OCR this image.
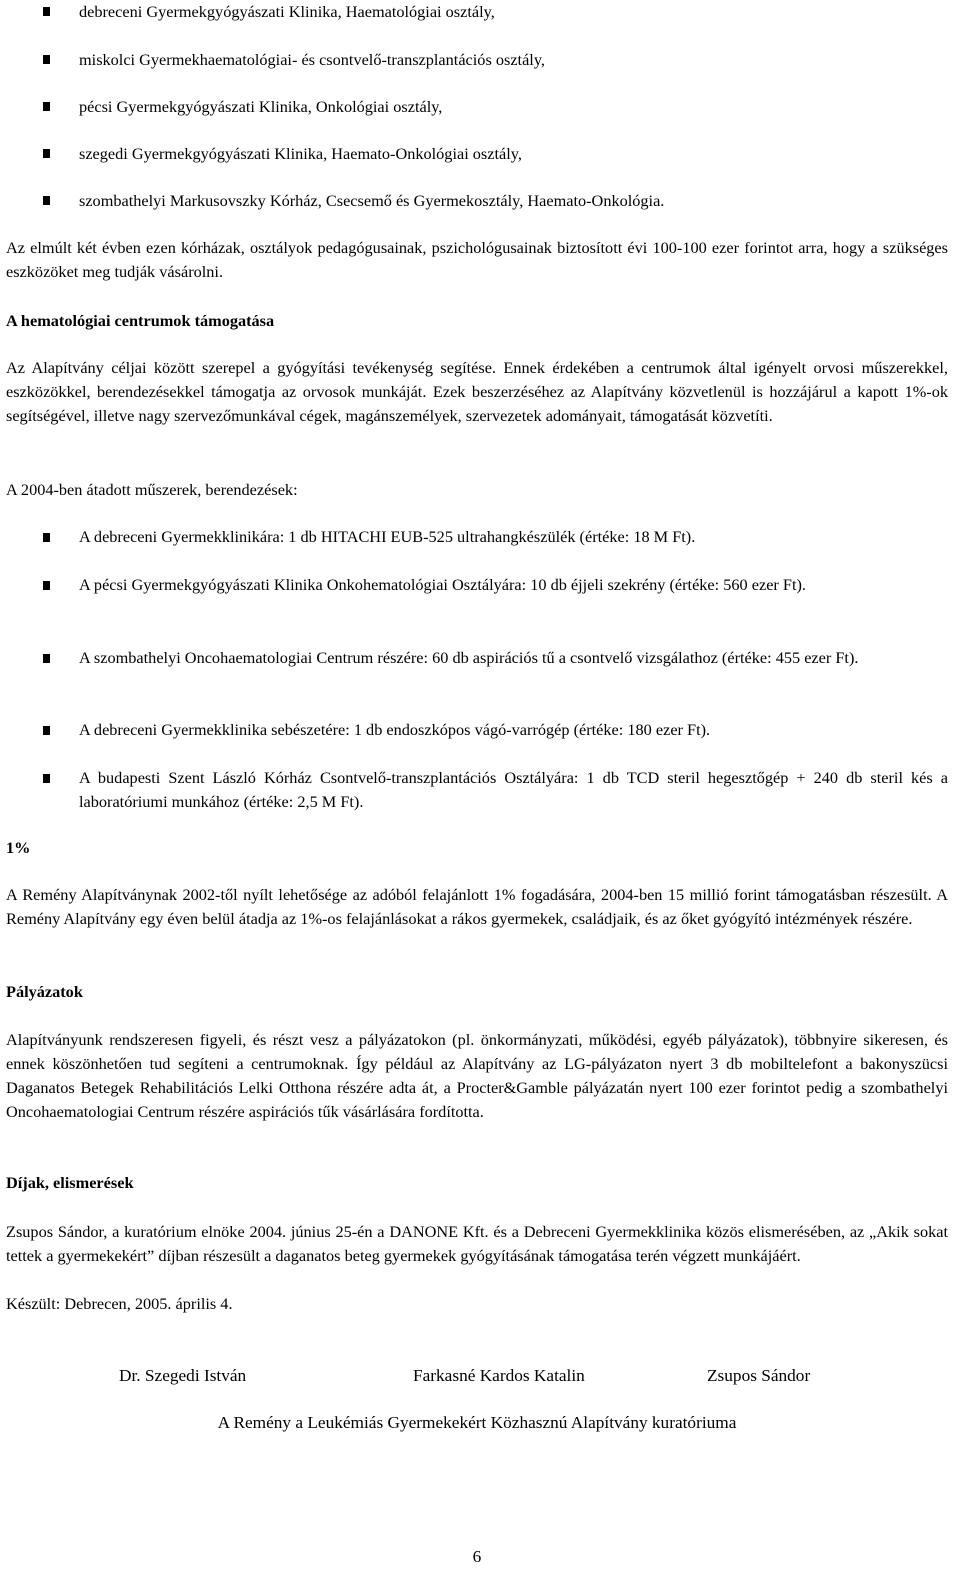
debreceni Gyermekgyógyászati Klinika, Haematológiai osztály,
miskolci Gyermekhaematológiai- és csontvelő-transzplantációs osztály,
pécsi Gyermekgyógyászati Klinika, Onkológiai osztály,
szegedi Gyermekgyógyászati Klinika, Haemato-Onkológiai osztály,
szombathelyi Markusovszky Kórház, Csecsemő és Gyermekosztály, Haemato-Onkológia.

Az elmúlt két évben ezen kórházak, osztályok pedagógusainak, pszichológusainak biztosított évi 100-100 ezer forintot arra, hogy a szükséges eszközöket meg tudják vásárolni.

A hematológiai centrumok támogatása

Az Alapítvány céljai között szerepel a gyógyítási tevékenység segítése. Ennek érdekében a centrumok által igényelt orvosi műszerekkel, eszközökkel, berendezésekkel támogatja az orvosok munkáját. Ezek beszerzéséhez az Alapítvány közvetlenül is hozzájárul a kapott 1%-ok segítségével, illetve nagy szervezőmunkával cégek, magánszemélyek, szervezetek adományait, támogatását közvetíti.

A 2004-ben átadott műszerek, berendezések:

A debreceni Gyermekklinikára: 1 db HITACHI EUB-525 ultrahangkészülék (értéke: 18 M Ft).
A pécsi Gyermekgyógyászati Klinika Onkohematológiai Osztályára: 10 db éjjeli szekrény (értéke: 560 ezer Ft).
A szombathelyi Oncohaematologiai Centrum részére: 60 db aspirációs tű a csontvelő vizsgálathoz (értéke: 455 ezer Ft).
A debreceni Gyermekklinika sebészetére: 1 db endoszkópos vágó-varrógép (értéke: 180 ezer Ft).
A budapesti Szent László Kórház Csontvelő-transzplantációs Osztályára: 1 db TCD steril hegesztőgép + 240 db steril kés a laboratóriumi munkához (értéke: 2,5 M Ft).
1%

A Remény Alapítványnak 2002-től nyílt lehetősége az adóból felajánlott 1% fogadására, 2004-ben 15 millió forint támogatásban részesült. A Remény Alapítvány egy éven belül átadja az 1%-os felajánlásokat a rákos gyermekek, családjaik, és az őket gyógyító intézmények részére.

Pályázatok

Alapítványunk rendszeresen figyeli, és részt vesz a pályázatokon (pl. önkormányzati, működési, egyéb pályázatok), többnyire sikeresen, és ennek köszönhetően tud segíteni a centrumoknak. Így például az Alapítvány az LG-pályázaton nyert 3 db mobiltelefont a bakonyszücsi Daganatos Betegek Rehabilitációs Lelki Otthona részére adta át, a Procter&Gamble pályázatán nyert 100 ezer forintot pedig a szombathelyi Oncohaematologiai Centrum részére aspirációs tűk vásárlására fordította.

Díjak, elismerések

Zsupos Sándor, a kuratórium elnöke 2004. június 25-én a DANONE Kft. és a Debreceni Gyermekklinika közös elismerésében, az „Akik sokat tettek a gyermekekért” díjban részesült a daganatos beteg gyermekek gyógyításának támogatása terén végzett munkájáért.

Készült: Debrecen, 2005. április 4.

Dr. Szegedi István	Farkasné Kardos Katalin	Zsupos Sándor
A Remény a Leukémiás Gyermekekért Közhasznú Alapítvány kuratóriuma
6
